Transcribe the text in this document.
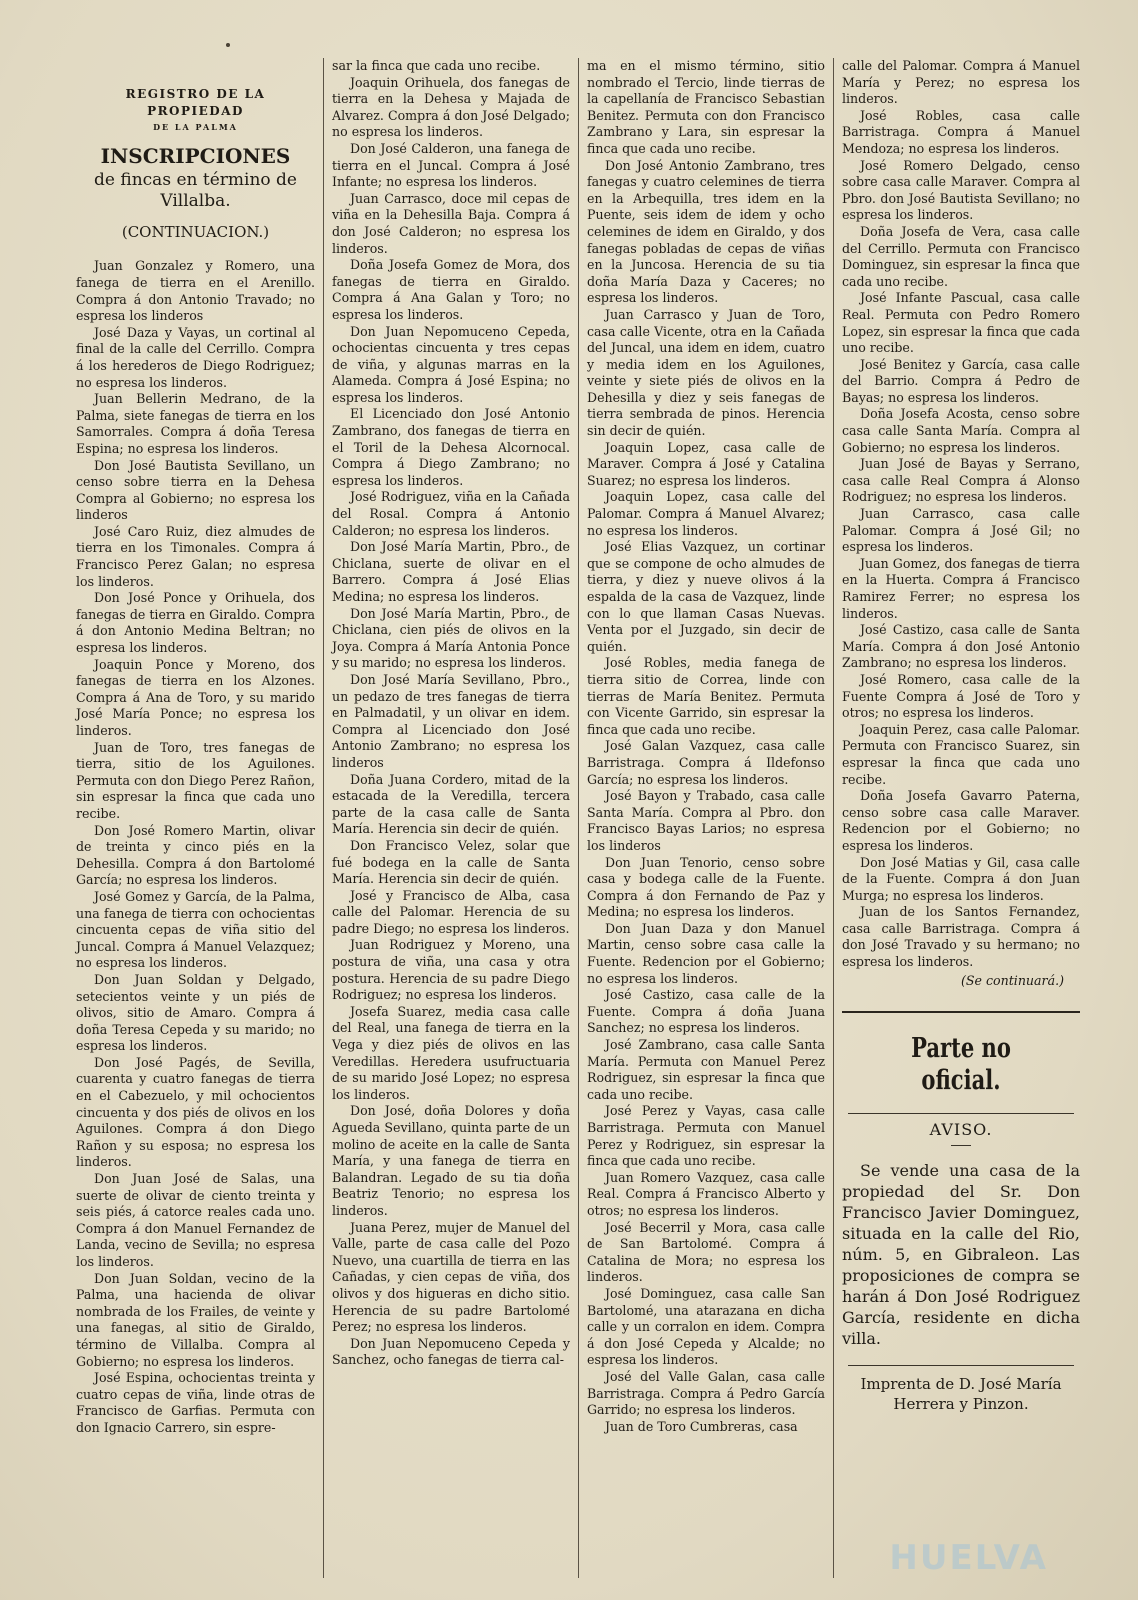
REGISTRO DE LA PROPIEDAD
DE LA PALMA
INSCRIPCIONES
de fincas en término de Villalba.
(CONTINUACION.)

Juan Gonzalez y Romero, una fanega de tierra en el Arenillo. Compra á don Antonio Travado; no espresa los linderos

José Daza y Vayas, un cortinal al final de la calle del Cerrillo. Compra á los herederos de Diego Rodriguez; no espresa los linderos.

Juan Bellerin Medrano, de la Palma, siete fanegas de tierra en los Samorrales. Compra á doña Teresa Espina; no espresa los linderos.

Don José Bautista Sevillano, un censo sobre tierra en la Dehesa Compra al Gobierno; no espresa los linderos

José Caro Ruiz, diez almudes de tierra en los Timonales. Compra á Francisco Perez Galan; no espresa los linderos.

Don José Ponce y Orihuela, dos fanegas de tierra en Giraldo. Compra á don Antonio Medina Beltran; no espresa los linderos.

Joaquin Ponce y Moreno, dos fanegas de tierra en los Alzones. Compra á Ana de Toro, y su marido José María Ponce; no espresa los linderos.

Juan de Toro, tres fanegas de tierra, sitio de los Aguilones. Permuta con don Diego Perez Rañon, sin espresar la finca que cada uno recibe.

Don José Romero Martin, olivar de treinta y cinco piés en la Dehesilla. Compra á don Bartolomé García; no espresa los linderos.

José Gomez y García, de la Palma, una fanega de tierra con ochocientas cincuenta cepas de viña sitio del Juncal. Compra á Manuel Velazquez; no espresa los linderos.

Don Juan Soldan y Delgado, setecientos veinte y un piés de olivos, sitio de Amaro. Compra á doña Teresa Cepeda y su marido; no espresa los linderos.

Don José Pagés, de Sevilla, cuarenta y cuatro fanegas de tierra en el Cabezuelo, y mil ochocientos cincuenta y dos piés de olivos en los Aguilones. Compra á don Diego Rañon y su esposa; no espresa los linderos.

Don Juan José de Salas, una suerte de olivar de ciento treinta y seis piés, á catorce reales cada uno. Compra á don Manuel Fernandez de Landa, vecino de Sevilla; no espresa los linderos.

Don Juan Soldan, vecino de la Palma, una hacienda de olivar nombrada de los Frailes, de veinte y una fanegas, al sitio de Giraldo, término de Villalba. Compra al Gobierno; no espresa los linderos.

José Espina, ochocientas treinta y cuatro cepas de viña, linde otras de Francisco de Garfias. Permuta con don Ignacio Carrero, sin espre-

sar la finca que cada uno recibe.

Joaquin Orihuela, dos fanegas de tierra en la Dehesa y Majada de Alvarez. Compra á don José Delgado; no espresa los linderos.

Don José Calderon, una fanega de tierra en el Juncal. Compra á José Infante; no espresa los linderos.

Juan Carrasco, doce mil cepas de viña en la Dehesilla Baja. Compra á don José Calderon; no espresa los linderos.

Doña Josefa Gomez de Mora, dos fanegas de tierra en Giraldo. Compra á Ana Galan y Toro; no espresa los linderos.

Don Juan Nepomuceno Cepeda, ochocientas cincuenta y tres cepas de viña, y algunas marras en la Alameda. Compra á José Espina; no espresa los linderos.

El Licenciado don José Antonio Zambrano, dos fanegas de tierra en el Toril de la Dehesa Alcornocal. Compra á Diego Zambrano; no espresa los linderos.

José Rodriguez, viña en la Cañada del Rosal. Compra á Antonio Calderon; no espresa los linderos.

Don José María Martin, Pbro., de Chiclana, suerte de olivar en el Barrero. Compra á José Elias Medina; no espresa los linderos.

Don José María Martin, Pbro., de Chiclana, cien piés de olivos en la Joya. Compra á María Antonia Ponce y su marido; no espresa los linderos.

Don José María Sevillano, Pbro., un pedazo de tres fanegas de tierra en Palmadatil, y un olivar en idem. Compra al Licenciado don José Antonio Zambrano; no espresa los linderos

Doña Juana Cordero, mitad de la estacada de la Veredilla, tercera parte de la casa calle de Santa María. Herencia sin decir de quién.

Don Francisco Velez, solar que fué bodega en la calle de Santa María. Herencia sin decir de quién.

José y Francisco de Alba, casa calle del Palomar. Herencia de su padre Diego; no espresa los linderos.

Juan Rodriguez y Moreno, una postura de viña, una casa y otra postura. Herencia de su padre Diego Rodriguez; no espresa los linderos.

Josefa Suarez, media casa calle del Real, una fanega de tierra en la Vega y diez piés de olivos en las Veredillas. Heredera usufructuaria de su marido José Lopez; no espresa los linderos.

Don José, doña Dolores y doña Agueda Sevillano, quinta parte de un molino de aceite en la calle de Santa María, y una fanega de tierra en Balandran. Legado de su tia doña Beatriz Tenorio; no espresa los linderos.

Juana Perez, mujer de Manuel del Valle, parte de casa calle del Pozo Nuevo, una cuartilla de tierra en las Cañadas, y cien cepas de viña, dos olivos y dos higueras en dicho sitio. Herencia de su padre Bartolomé Perez; no espresa los linderos.

Don Juan Nepomuceno Cepeda y Sanchez, ocho fanegas de tierra cal-

ma en el mismo término, sitio nombrado el Tercio, linde tierras de la capellanía de Francisco Sebastian Benitez. Permuta con don Francisco Zambrano y Lara, sin espresar la finca que cada uno recibe.

Don José Antonio Zambrano, tres fanegas y cuatro celemines de tierra en la Arbequilla, tres idem en la Puente, seis idem de idem y ocho celemines de idem en Giraldo, y dos fanegas pobladas de cepas de viñas en la Juncosa. Herencia de su tia doña María Daza y Caceres; no espresa los linderos.

Juan Carrasco y Juan de Toro, casa calle Vicente, otra en la Cañada del Juncal, una idem en idem, cuatro y media idem en los Aguilones, veinte y siete piés de olivos en la Dehesilla y diez y seis fanegas de tierra sembrada de pinos. Herencia sin decir de quién.

Joaquin Lopez, casa calle de Maraver. Compra á José y Catalina Suarez; no espresa los linderos.

Joaquin Lopez, casa calle del Palomar. Compra á Manuel Alvarez; no espresa los linderos.

José Elias Vazquez, un cortinar que se compone de ocho almudes de tierra, y diez y nueve olivos á la espalda de la casa de Vazquez, linde con lo que llaman Casas Nuevas. Venta por el Juzgado, sin decir de quién.

José Robles, media fanega de tierra sitio de Correa, linde con tierras de María Benitez. Permuta con Vicente Garrido, sin espresar la finca que cada uno recibe.

José Galan Vazquez, casa calle Barristraga. Compra á Ildefonso García; no espresa los linderos.

José Bayon y Trabado, casa calle Santa María. Compra al Pbro. don Francisco Bayas Larios; no espresa los linderos

Don Juan Tenorio, censo sobre casa y bodega calle de la Fuente. Compra á don Fernando de Paz y Medina; no espresa los linderos.

Don Juan Daza y don Manuel Martin, censo sobre casa calle la Fuente. Redencion por el Gobierno; no espresa los linderos.

José Castizo, casa calle de la Fuente. Compra á doña Juana Sanchez; no espresa los linderos.

José Zambrano, casa calle Santa María. Permuta con Manuel Perez Rodriguez, sin espresar la finca que cada uno recibe.

José Perez y Vayas, casa calle Barristraga. Permuta con Manuel Perez y Rodriguez, sin espresar la finca que cada uno recibe.

Juan Romero Vazquez, casa calle Real. Compra á Francisco Alberto y otros; no espresa los linderos.

José Becerril y Mora, casa calle de San Bartolomé. Compra á Catalina de Mora; no espresa los linderos.

José Dominguez, casa calle San Bartolomé, una atarazana en dicha calle y un corralon en idem. Compra á don José Cepeda y Alcalde; no espresa los linderos.

José del Valle Galan, casa calle Barristraga. Compra á Pedro García Garrido; no espresa los linderos.

Juan de Toro Cumbreras, casa

calle del Palomar. Compra á Manuel María y Perez; no espresa los linderos.

José Robles, casa calle Barristraga. Compra á Manuel Mendoza; no espresa los linderos.

José Romero Delgado, censo sobre casa calle Maraver. Compra al Pbro. don José Bautista Sevillano; no espresa los linderos.

Doña Josefa de Vera, casa calle del Cerrillo. Permuta con Francisco Dominguez, sin espresar la finca que cada uno recibe.

José Infante Pascual, casa calle Real. Permuta con Pedro Romero Lopez, sin espresar la finca que cada uno recibe.

José Benitez y García, casa calle del Barrio. Compra á Pedro de Bayas; no espresa los linderos.

Doña Josefa Acosta, censo sobre casa calle Santa María. Compra al Gobierno; no espresa los linderos.

Juan José de Bayas y Serrano, casa calle Real Compra á Alonso Rodriguez; no espresa los linderos.

Juan Carrasco, casa calle Palomar. Compra á José Gil; no espresa los linderos.

Juan Gomez, dos fanegas de tierra en la Huerta. Compra á Francisco Ramirez Ferrer; no espresa los linderos.

José Castizo, casa calle de Santa María. Compra á don José Antonio Zambrano; no espresa los linderos.

José Romero, casa calle de la Fuente Compra á José de Toro y otros; no espresa los linderos.

Joaquin Perez, casa calle Palomar. Permuta con Francisco Suarez, sin espresar la finca que cada uno recibe.

Doña Josefa Gavarro Paterna, censo sobre casa calle Maraver. Redencion por el Gobierno; no espresa los linderos.

Don José Matias y Gil, casa calle de la Fuente. Compra á don Juan Murga; no espresa los linderos.

Juan de los Santos Fernandez, casa calle Barristraga. Compra á don José Travado y su hermano; no espresa los linderos.

(Se continuará.)
Parte no oficial.
AVISO.

Se vende una casa de la propiedad del Sr. Don Francisco Javier Dominguez, situada en la calle del Rio, núm. 5, en Gibraleon. Las proposiciones de compra se harán á Don José Rodriguez García, residente en dicha villa.

Imprenta de D. José María Herrera y Pinzon.
HUELVA
